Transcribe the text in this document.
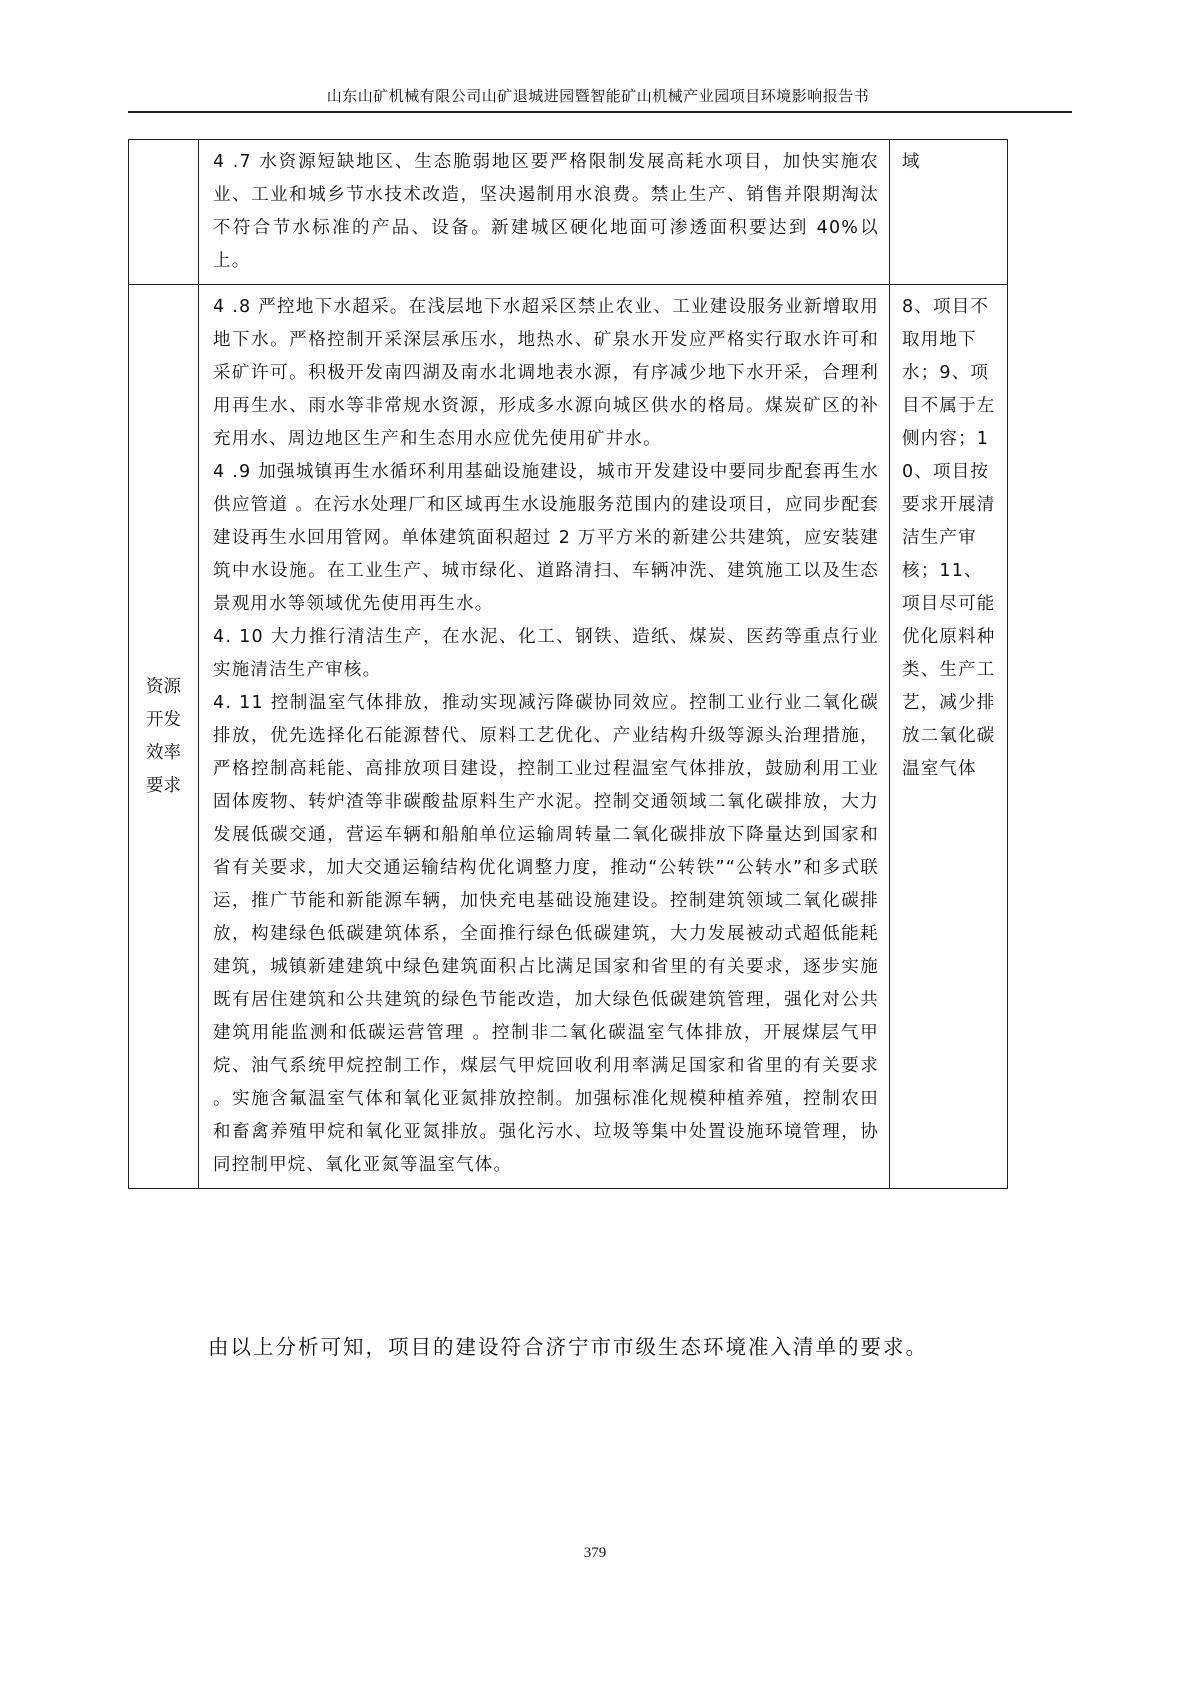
山东山矿机械有限公司山矿退城进园暨智能矿山机械产业园项目环境影响报告书

	4 .7 水资源短缺地区、生态脆弱地区要严格限制发展高耗水项目，加快实施农业、工业和城乡节水技术改造，坚决遏制用水浪费。禁止生产、销售并限期淘汰不符合节水标准的产品、设备。新建城区硬化地面可渗透面积要达到 40%以上。	域
资源开发效率要求	4 .8 严控地下水超采。在浅层地下水超采区禁止农业、工业建设服务业新增取用地下水。严格控制开采深层承压水，地热水、矿泉水开发应严格实行取水许可和采矿许可。积极开发南四湖及南水北调地表水源，有序减少地下水开采，合理利用再生水、雨水等非常规水资源，形成多水源向城区供水的格局。煤炭矿区的补充用水、周边地区生产和生态用水应优先使用矿井水。

4 .9 加强城镇再生水循环利用基础设施建设，城市开发建设中要同步配套再生水供应管道 。在污水处理厂和区域再生水设施服务范围内的建设项目，应同步配套建设再生水回用管网。单体建筑面积超过 2 万平方米的新建公共建筑，应安装建筑中水设施。在工业生产、城市绿化、道路清扫、车辆冲洗、建筑施工以及生态景观用水等领域优先使用再生水。

4. 10 大力推行清洁生产，在水泥、化工、钢铁、造纸、煤炭、医药等重点行业实施清洁生产审核。

4. 11 控制温室气体排放，推动实现减污降碳协同效应。控制工业行业二氧化碳排放，优先选择化石能源替代、原料工艺优化、产业结构升级等源头治理措施，严格控制高耗能、高排放项目建设，控制工业过程温室气体排放，鼓励利用工业固体废物、转炉渣等非碳酸盐原料生产水泥。控制交通领域二氧化碳排放，大力发展低碳交通，营运车辆和船舶单位运输周转量二氧化碳排放下降量达到国家和省有关要求，加大交通运输结构优化调整力度，推动“公转铁”“公转水”和多式联运，推广节能和新能源车辆，加快充电基础设施建设。控制建筑领域二氧化碳排放，构建绿色低碳建筑体系，全面推行绿色低碳建筑，大力发展被动式超低能耗建筑，城镇新建建筑中绿色建筑面积占比满足国家和省里的有关要求，逐步实施既有居住建筑和公共建筑的绿色节能改造，加大绿色低碳建筑管理，强化对公共建筑用能监测和低碳运营管理 。控制非二氧化碳温室气体排放，开展煤层气甲烷、油气系统甲烷控制工作，煤层气甲烷回收利用率满足国家和省里的有关要求 。实施含氟温室气体和氧化亚氮排放控制。加强标准化规模种植养殖，控制农田和畜禽养殖甲烷和氧化亚氮排放。强化污水、垃圾等集中处置设施环境管理，协同控制甲烷、氧化亚氮等温室气体。	8、项目不取用地下水；9、项目不属于左侧内容；10、项目按要求开展清洁生产审核；11、项目尽可能优化原料种类、生产工艺，减少排放二氧化碳温室气体
由以上分析可知，项目的建设符合济宁市市级生态环境准入清单的要求。
379
